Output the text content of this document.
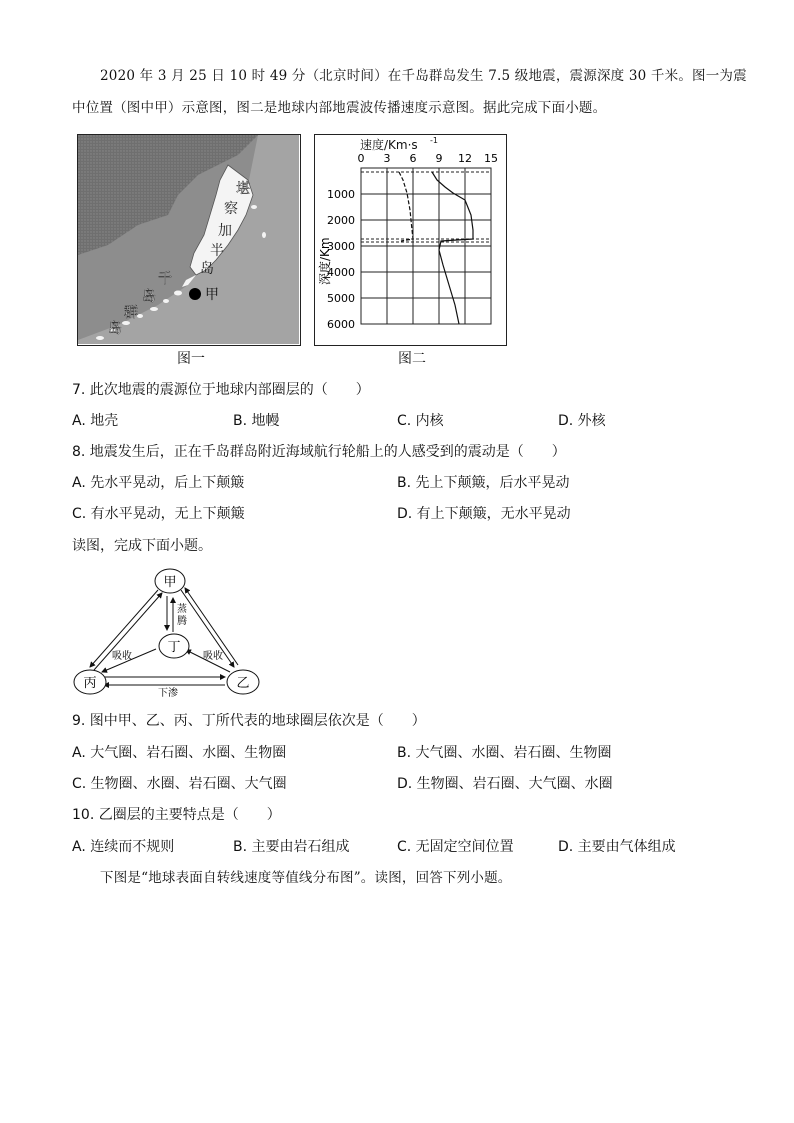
2020 年 3 月 25 日 10 时 49 分（北京时间）在千岛群岛发生 7.5 级地震，震源深度 30 千米。图一为震
中位置（图中甲）示意图，图二是地球内部地震波传播速度示意图。据此完成下面小题。
堪
察
加
半
岛
千
岛
群
岛
甲
图一
速度/Km·s -1
0 3 6 9 12 15
1000
2000
3000
4000
5000
6000
深度/Km
图二
7. 此次地震的震源位于地球内部圈层的（　　）
A. 地壳	B. 地幔	C. 内核	D. 外核
8. 地震发生后，正在千岛群岛附近海域航行轮船上的人感受到的震动是（　　）
A. 先水平晃动，后上下颠簸	B. 先上下颠簸，后水平晃动
C. 有水平晃动，无上下颠簸	D. 有上下颠簸，无水平晃动
读图，完成下面小题。
甲
丁
丙	乙
蒸
腾
吸收	吸收
下渗
9. 图中甲、乙、丙、丁所代表的地球圈层依次是（　　）
A. 大气圈、岩石圈、水圈、生物圈	B. 大气圈、水圈、岩石圈、生物圈
C. 生物圈、水圈、岩石圈、大气圈	D. 生物圈、岩石圈、大气圈、水圈
10. 乙圈层的主要特点是（　　）
A. 连续而不规则	B. 主要由岩石组成	C. 无固定空间位置	D. 主要由气体组成
下图是“地球表面自转线速度等值线分布图”。读图，回答下列小题。
